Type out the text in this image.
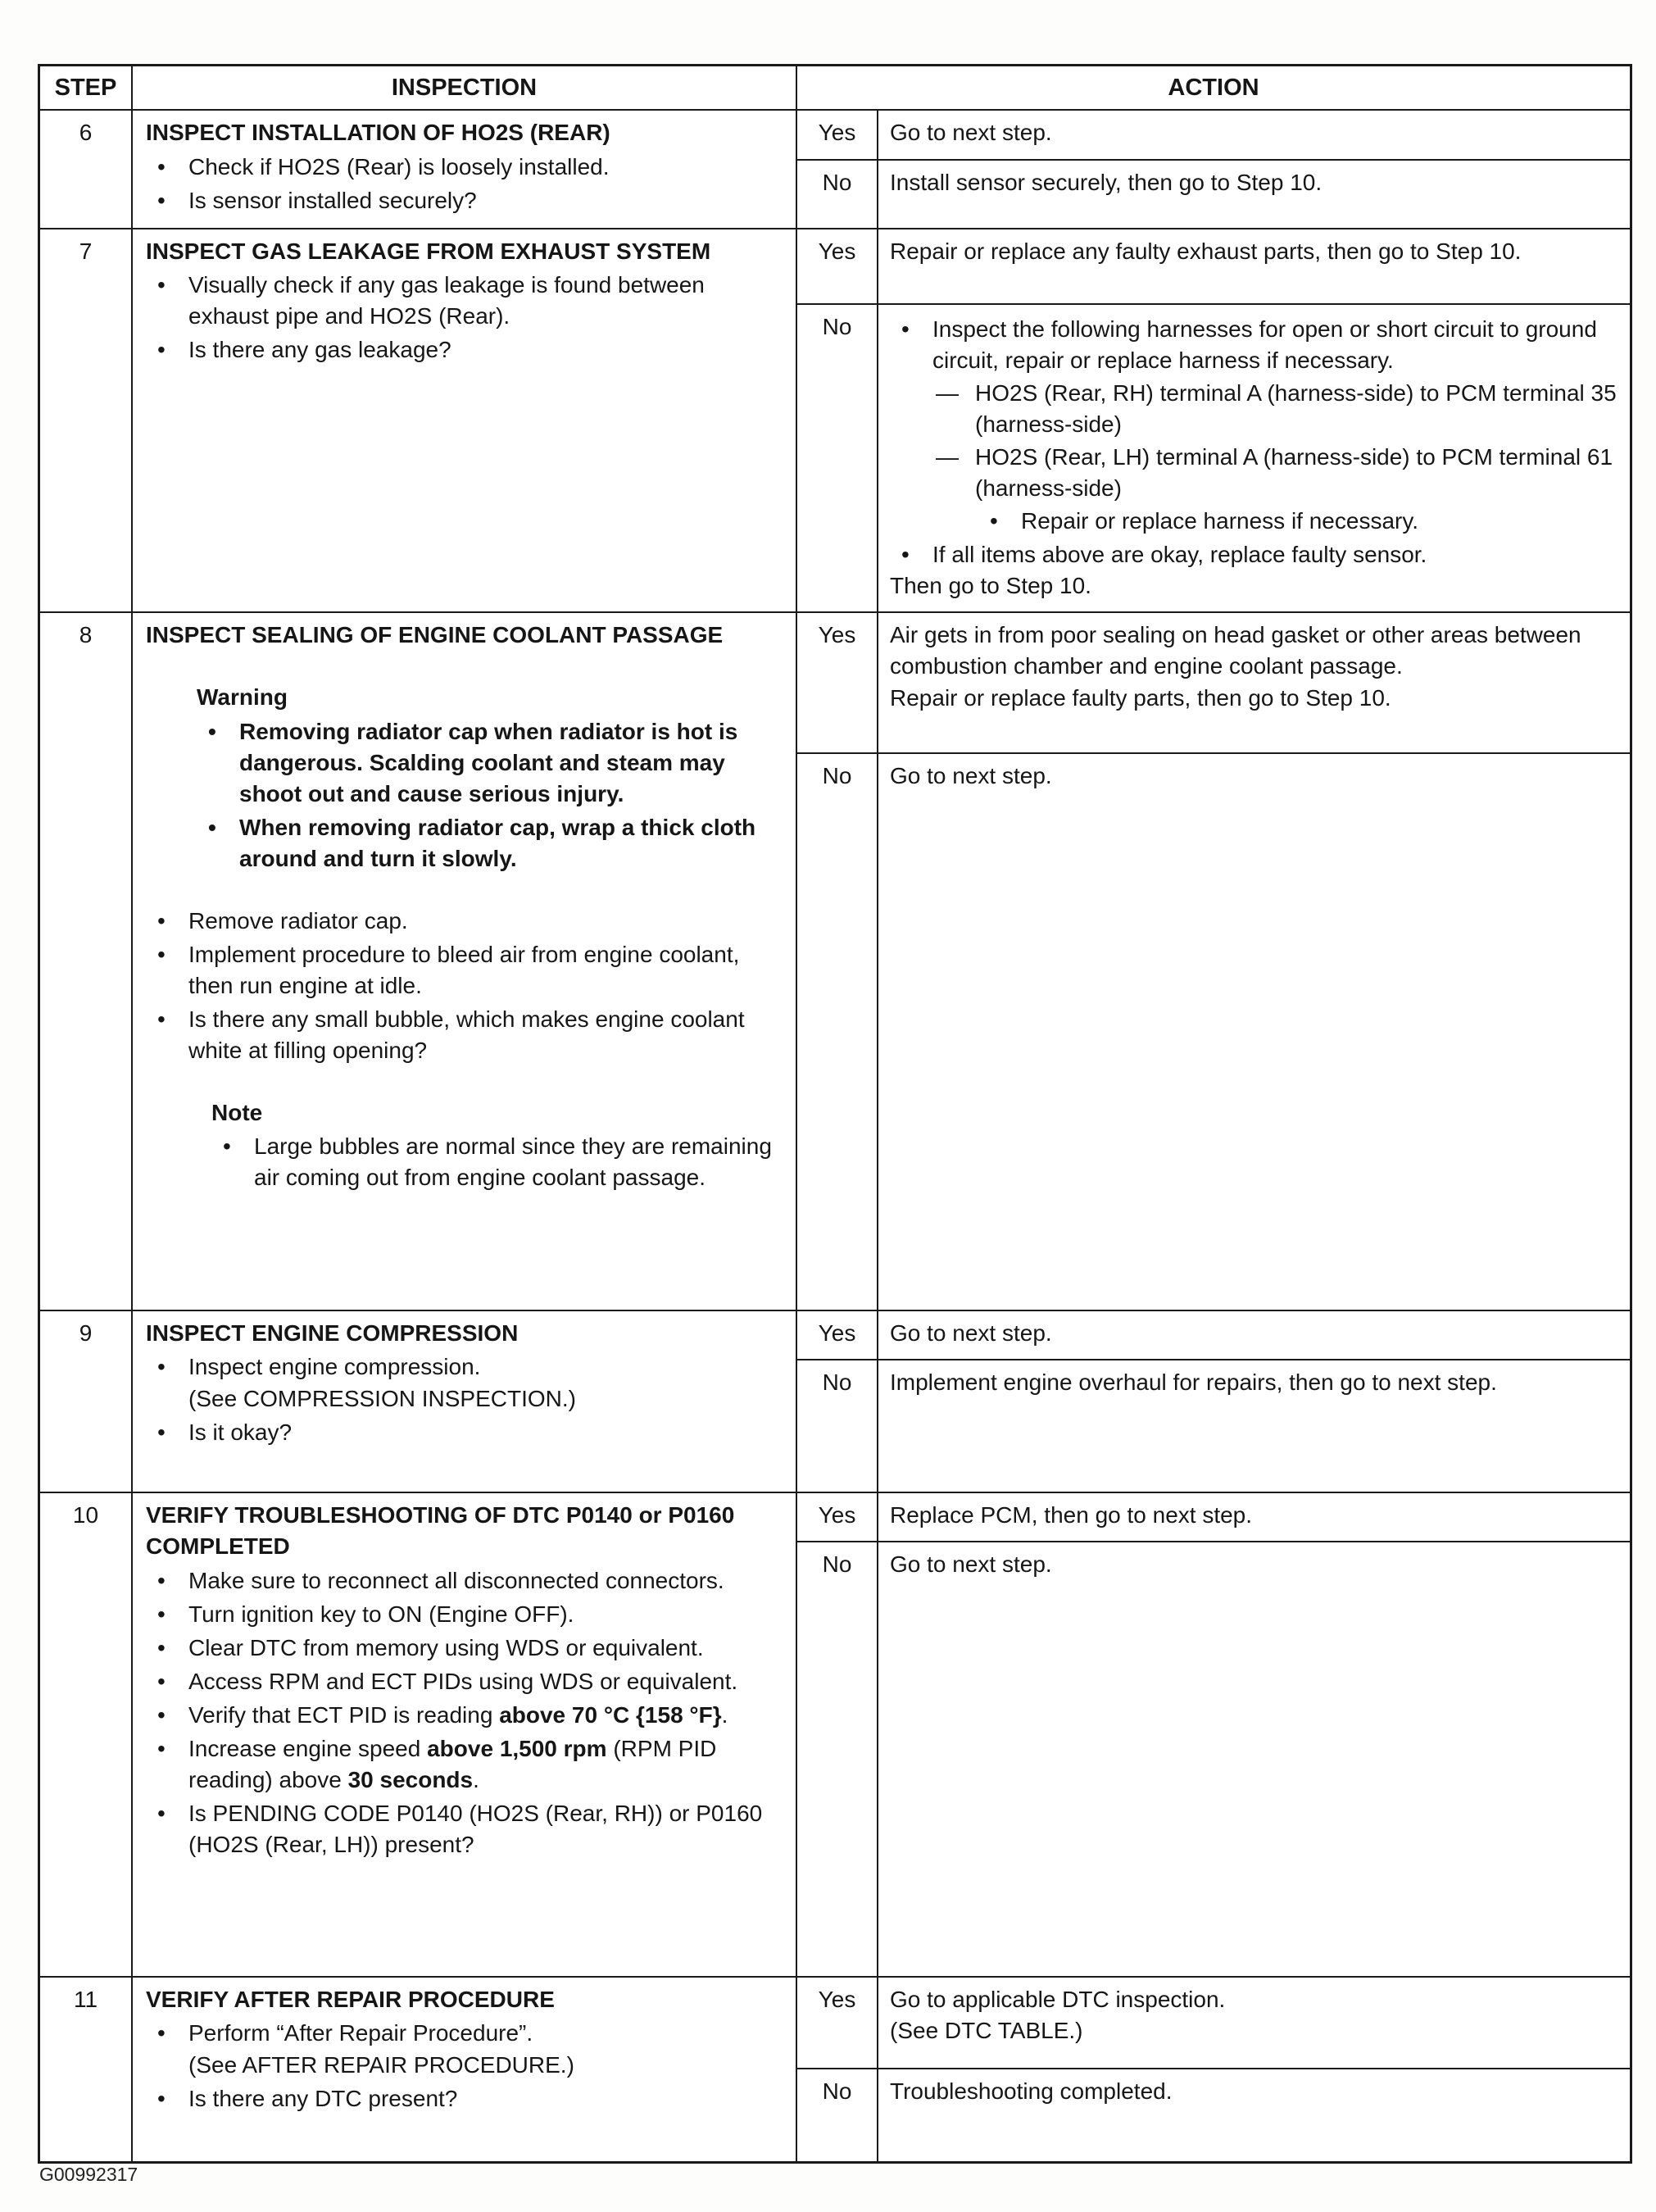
STEP	INSPECTION	ACTION
6	INSPECT INSTALLATION OF HO2S (REAR)
• Check if HO2S (Rear) is loosely installed.
• Is sensor installed securely?
Yes	Go to next step.
No	Install sensor securely, then go to Step 10.
7	INSPECT GAS LEAKAGE FROM EXHAUST SYSTEM
• Visually check if any gas leakage is found between exhaust pipe and HO2S (Rear).
• Is there any gas leakage?
Yes	Repair or replace any faulty exhaust parts, then go to Step 10.
No	• Inspect the following harnesses for open or short circuit to ground circuit, repair or replace harness if necessary.
— HO2S (Rear, RH) terminal A (harness-side) to PCM terminal 35 (harness-side)
— HO2S (Rear, LH) terminal A (harness-side) to PCM terminal 61 (harness-side)
• Repair or replace harness if necessary.
• If all items above are okay, replace faulty sensor.
Then go to Step 10.
8	INSPECT SEALING OF ENGINE COOLANT PASSAGE
Warning
• Removing radiator cap when radiator is hot is dangerous. Scalding coolant and steam may shoot out and cause serious injury.
• When removing radiator cap, wrap a thick cloth around and turn it slowly.
• Remove radiator cap.
• Implement procedure to bleed air from engine coolant, then run engine at idle.
• Is there any small bubble, which makes engine coolant white at filling opening?
Note
• Large bubbles are normal since they are remaining air coming out from engine coolant passage.
Yes	Air gets in from poor sealing on head gasket or other areas between combustion chamber and engine coolant passage.
Repair or replace faulty parts, then go to Step 10.
No	Go to next step.
9	INSPECT ENGINE COMPRESSION
• Inspect engine compression.
(See COMPRESSION INSPECTION.)
• Is it okay?
Yes	Go to next step.
No	Implement engine overhaul for repairs, then go to next step.
10	VERIFY TROUBLESHOOTING OF DTC P0140 or P0160 COMPLETED
• Make sure to reconnect all disconnected connectors.
• Turn ignition key to ON (Engine OFF).
• Clear DTC from memory using WDS or equivalent.
• Access RPM and ECT PIDs using WDS or equivalent.
• Verify that ECT PID is reading above 70 °C {158 °F}.
• Increase engine speed above 1,500 rpm (RPM PID reading) above 30 seconds.
• Is PENDING CODE P0140 (HO2S (Rear, RH)) or P0160 (HO2S (Rear, LH)) present?
Yes	Replace PCM, then go to next step.
No	Go to next step.
11	VERIFY AFTER REPAIR PROCEDURE
• Perform “After Repair Procedure”.
(See AFTER REPAIR PROCEDURE.)
• Is there any DTC present?
Yes	Go to applicable DTC inspection.
(See DTC TABLE.)
No	Troubleshooting completed.
G00992317
